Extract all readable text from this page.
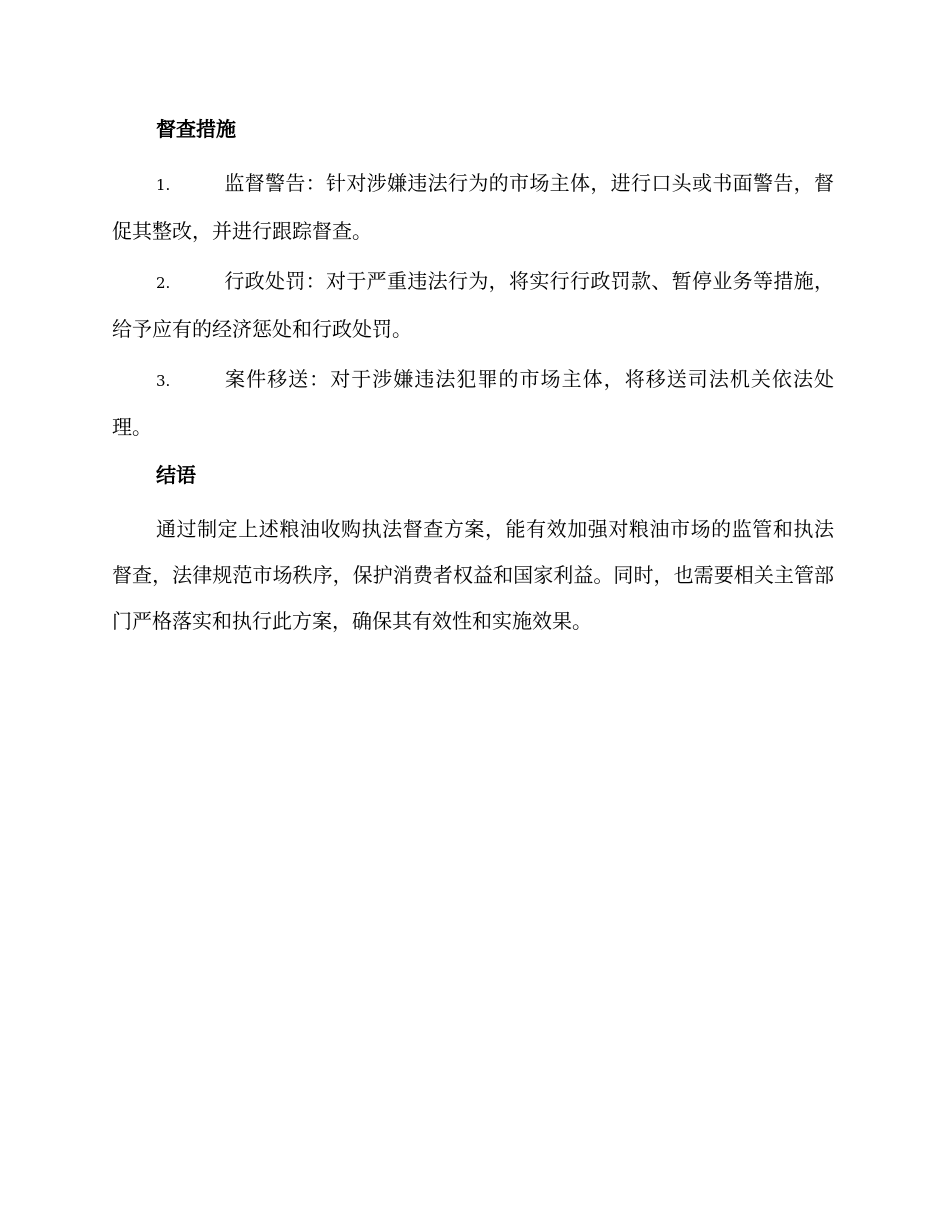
督查措施
1.	监督警告：针对涉嫌违法行为的市场主体，进行口头或书面警告，督促其整改，并进行跟踪督查。
2.	行政处罚：对于严重违法行为，将实行行政罚款、暂停业务等措施，给予应有的经济惩处和行政处罚。
3.	案件移送：对于涉嫌违法犯罪的市场主体，将移送司法机关依法处理。
结语

通过制定上述粮油收购执法督查方案，能有效加强对粮油市场的监管和执法督查，法律规范市场秩序，保护消费者权益和国家利益。同时，也需要相关主管部门严格落实和执行此方案，确保其有效性和实施效果。
